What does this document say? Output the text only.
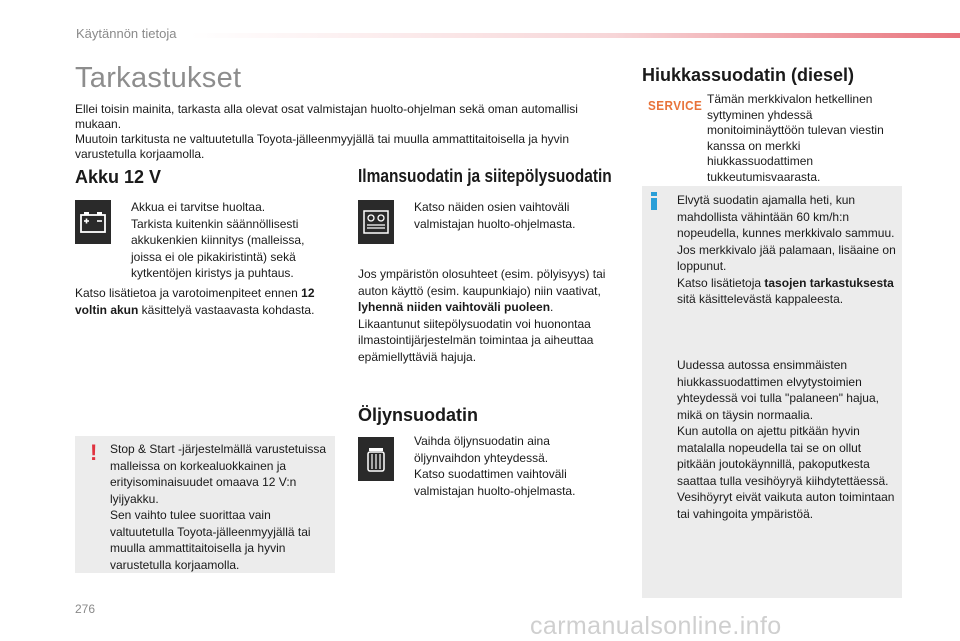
Käytännön tietoja
Tarkastukset
Ellei toisin mainita, tarkasta alla olevat osat valmistajan huolto-ohjelman sekä oman automallisi mukaan.
Muutoin tarkitusta ne valtuutetulla Toyota-jälleenmyyjällä tai muulla ammattitaitoisella ja hyvin varustetulla korjaamolla.
Akku 12 V
Akkua ei tarvitse huoltaa.
Tarkista kuitenkin säännöllisesti akkukenkien kiinnitys (malleissa, joissa ei ole pikakiristintä) sekä kytkentöjen kiristys ja puhtaus.
Katso lisätietoa ja varotoimenpiteet ennen 12 voltin akun käsittelyä vastaavasta kohdasta.
! Stop & Start -järjestelmällä varustetuissa malleissa on korkealuokkainen ja erityisominaisuudet omaava 12 V:n lyijyakku.
Sen vaihto tulee suorittaa vain valtuutetulla Toyota-jälleenmyyjällä tai muulla ammattitaitoisella ja hyvin varustetulla korjaamolla.
Ilmansuodatin ja siitepölysuodatin
Katso näiden osien vaihtoväli valmistajan huolto-ohjelmasta.
Jos ympäristön olosuhteet (esim. pölyisyys) tai auton käyttö (esim. kaupunkiajo) niin vaativat, lyhennä niiden vaihtoväli puoleen.
Likaantunut siitepölysuodatin voi huonontaa ilmastointijärjestelmän toimintaa ja aiheuttaa epämiellyttäviä hajuja.
Öljynsuodatin
Vaihda öljynsuodatin aina öljynvaihdon yhteydessä.
Katso suodattimen vaihtoväli valmistajan huolto-ohjelmasta.
Hiukkassuodatin (diesel)
SERVICE Tämän merkkivalon hetkellinen syttyminen yhdessä monitoiminäyttöön tulevan viestin kanssa on merkki hiukkassuodattimen tukkeutumisvaarasta.
Elvytä suodatin ajamalla heti, kun mahdollista vähintään 60 km/h:n nopeudella, kunnes merkkivalo sammuu.
Jos merkkivalo jää palamaan, lisäaine on loppunut.
Katso lisätietoja tasojen tarkastuksesta sitä käsittelevästä kappaleesta.
Uudessa autossa ensimmäisten hiukkassuodattimen elvytystoimien yhteydessä voi tulla "palaneen" hajua, mikä on täysin normaalia.
Kun autolla on ajettu pitkään hyvin matalalla nopeudella tai se on ollut pitkään joutokäynnillä, pakoputkesta saattaa tulla vesihöyryä kiihdytettäessä. Vesihöyryt eivät vaikuta auton toimintaan tai vahingoita ympäristöä.
276
carmanualsonline.info
